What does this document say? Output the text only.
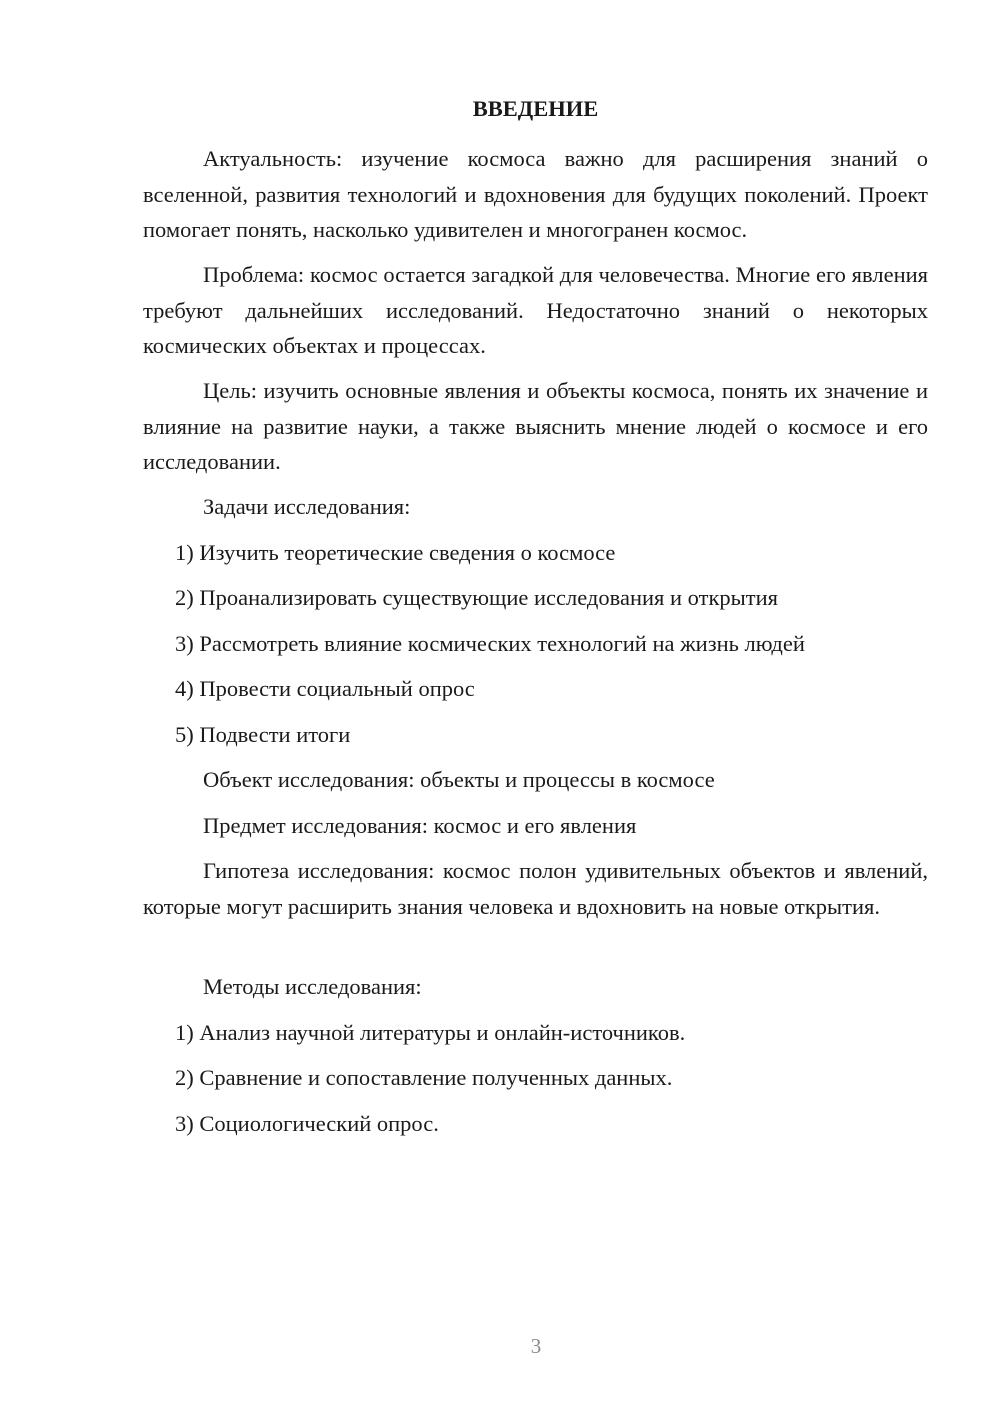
ВВЕДЕНИЕ

Актуальность: изучение космоса важно для расширения знаний о вселенной, развития технологий и вдохновения для будущих поколений. Проект помогает понять, насколько удивителен и многогранен космос.

Проблема: космос остается загадкой для человечества. Многие его явления требуют дальнейших исследований. Недостаточно знаний о некоторых космических объектах и процессах.

Цель: изучить основные явления и объекты космоса, понять их значение и влияние на развитие науки, а также выяснить мнение людей о космосе и его исследовании.

Задачи исследования:

1) Изучить теоретические сведения о космосе

2) Проанализировать существующие исследования и открытия

3) Рассмотреть влияние космических технологий на жизнь людей

4) Провести социальный опрос

5) Подвести итоги

Объект исследования: объекты и процессы в космосе

Предмет исследования: космос и его явления

Гипотеза исследования: космос полон удивительных объектов и явлений, которые могут расширить знания человека и вдохновить на новые открытия.

Методы исследования:

1) Анализ научной литературы и онлайн-источников.

2) Сравнение и сопоставление полученных данных.

3) Социологический опрос.

3
